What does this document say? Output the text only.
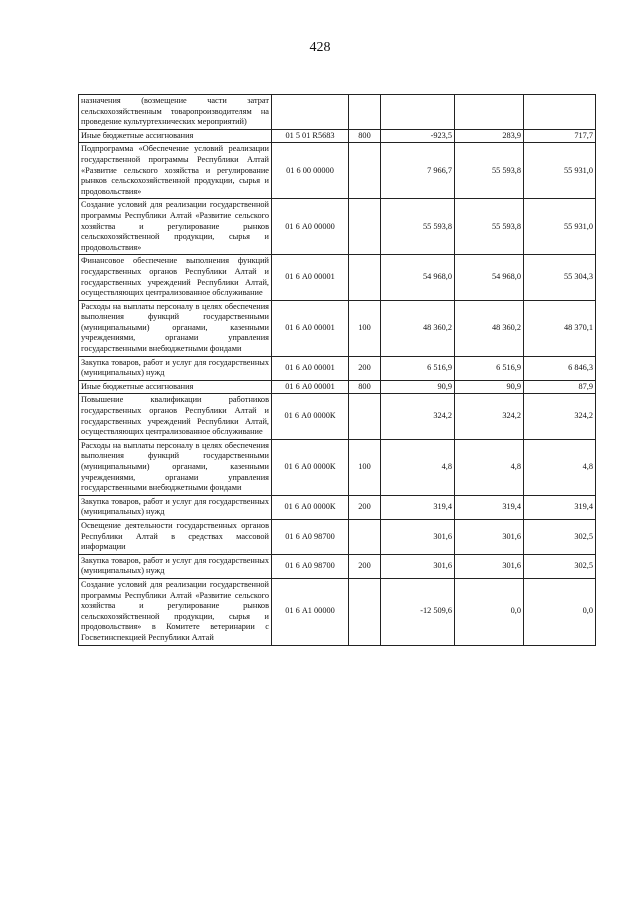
428
назначения (возмещение части затрат сельскохозяйственным товаропроизводителям на проведение культуртехнических мероприятий)					
Иные бюджетные ассигнования	01 5 01 R5683	800	-923,5	283,9	717,7
Подпрограмма «Обеспечение условий реализации государственной программы Республики Алтай «Развитие сельского хозяйства и регулирование рынков сельскохозяйственной продукции, сырья и продовольствия»	01 6 00 00000		7 966,7	55 593,8	55 931,0
Создание условий для реализации государственной программы Республики Алтай «Развитие сельского хозяйства и регулирование рынков сельскохозяйственной продукции, сырья и продовольствия»	01 6 А0 00000		55 593,8	55 593,8	55 931,0
Финансовое обеспечение выполнения функций государственных органов Республики Алтай и государственных учреждений Республики Алтай, осуществляющих централизованное обслуживание	01 6 А0 00001		54 968,0	54 968,0	55 304,3
Расходы на выплаты персоналу в целях обеспечения выполнения функций государственными (муниципальными) органами, казенными учреждениями, органами управления государственными внебюджетными фондами	01 6 А0 00001	100	48 360,2	48 360,2	48 370,1
Закупка товаров, работ и услуг для государственных (муниципальных) нужд	01 6 А0 00001	200	6 516,9	6 516,9	6 846,3
Иные бюджетные ассигнования	01 6 А0 00001	800	90,9	90,9	87,9
Повышение квалификации работников государственных органов Республики Алтай и государственных учреждений Республики Алтай, осуществляющих централизованное обслуживание	01 6 А0 0000К		324,2	324,2	324,2
Расходы на выплаты персоналу в целях обеспечения выполнения функций государственными (муниципальными) органами, казенными учреждениями, органами управления государственными внебюджетными фондами	01 6 А0 0000К	100	4,8	4,8	4,8
Закупка товаров, работ и услуг для государственных (муниципальных) нужд	01 6 А0 0000К	200	319,4	319,4	319,4
Освещение деятельности государственных органов Республики Алтай в средствах массовой информации	01 6 А0 98700		301,6	301,6	302,5
Закупка товаров, работ и услуг для государственных (муниципальных) нужд	01 6 А0 98700	200	301,6	301,6	302,5
Создание условий для реализации государственной программы Республики Алтай «Развитие сельского хозяйства и регулирование рынков сельскохозяйственной продукции, сырья и продовольствия» в Комитете ветеринарии с Госветинспекцией Республики Алтай	01 6 А1 00000		-12 509,6	0,0	0,0
